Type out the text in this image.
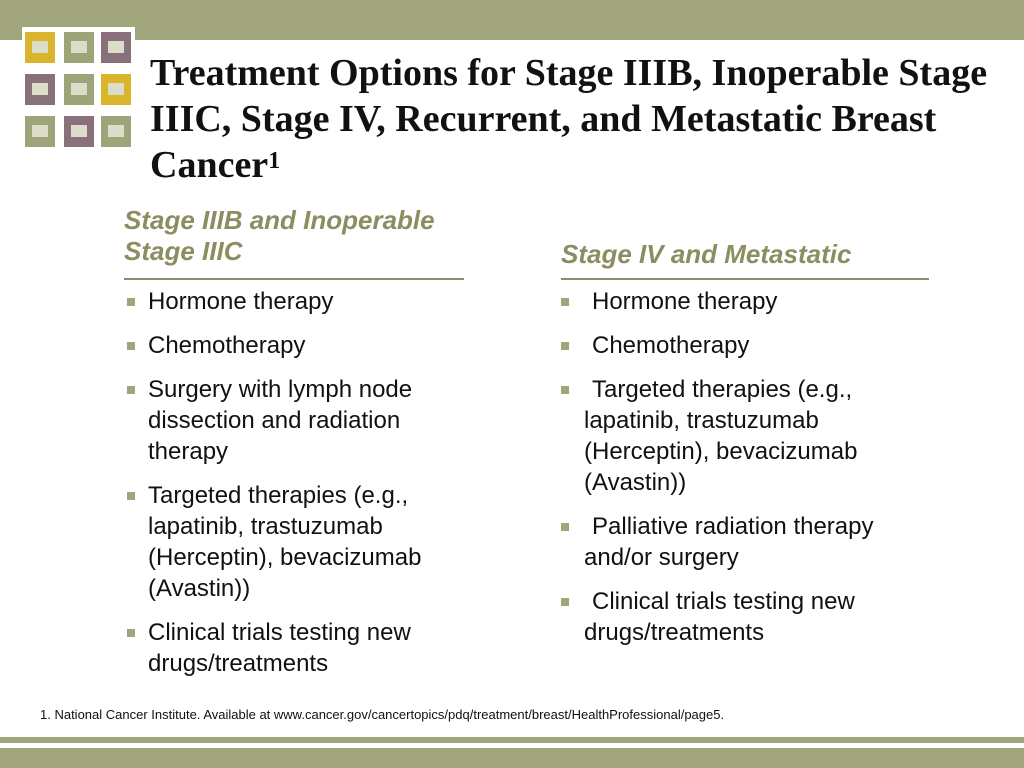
Treatment Options for Stage IIIB, Inoperable Stage IIIC, Stage IV, Recurrent, and Metastatic Breast Cancer$^1$
Stage IIIB and Inoperable Stage IIIC	Stage IV and Metastatic
Hormone therapy
Chemotherapy
Surgery with lymph node dissection and radiation therapy
Targeted therapies (e.g., lapatinib, trastuzumab (Herceptin), bevacizumab (Avastin))
Clinical trials testing new drugs/treatments
Hormone therapy
Chemotherapy
Targeted therapies (e.g., lapatinib, trastuzumab (Herceptin), bevacizumab (Avastin))
Palliative radiation therapy and/or surgery
Clinical trials testing new drugs/treatments

1. National Cancer Institute. Available at www.cancer.gov/cancertopics/pdq/treatment/breast/HealthProfessional/page5.
